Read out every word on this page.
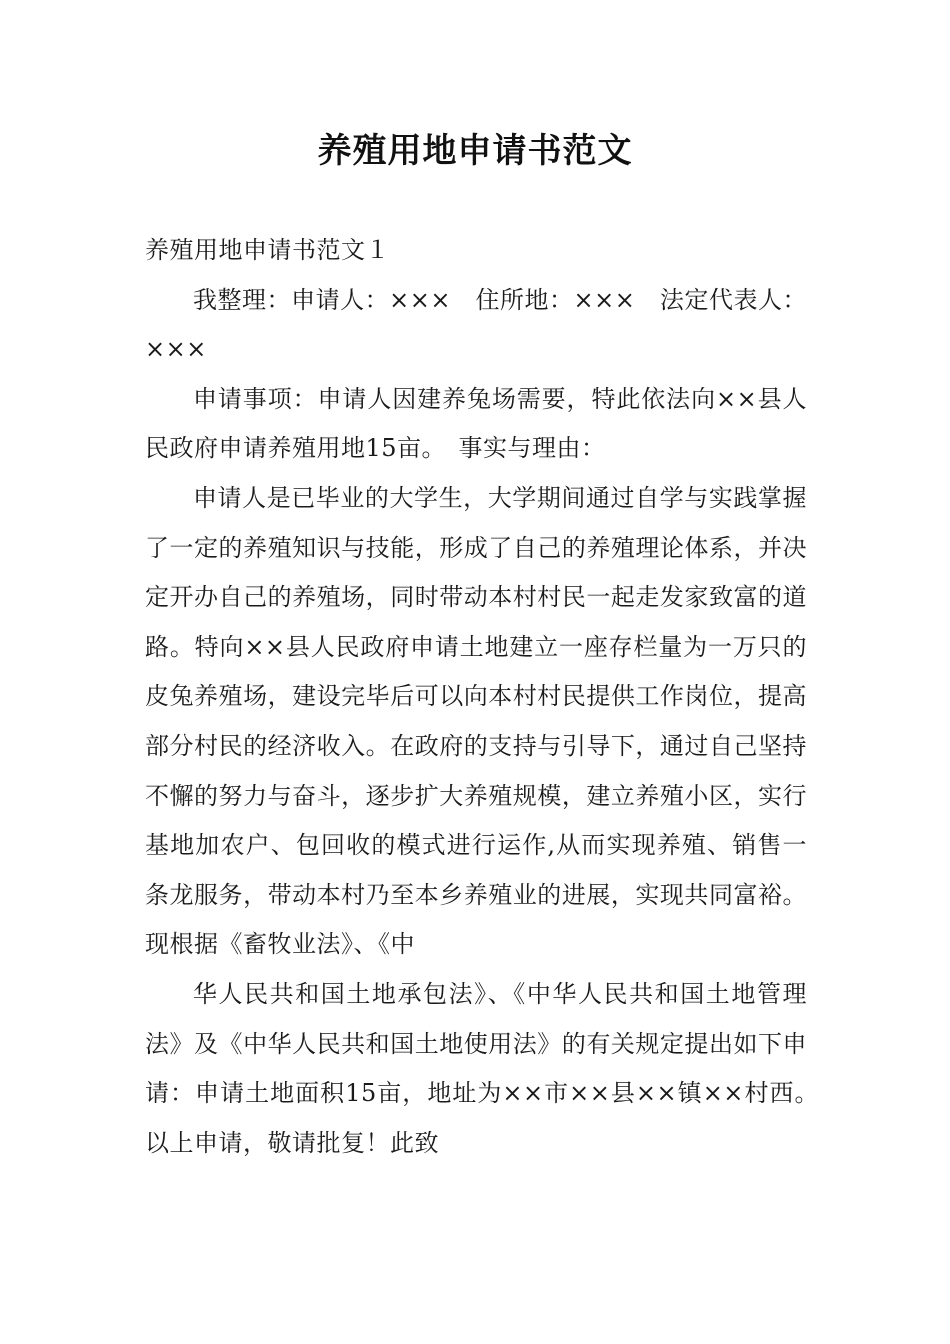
养殖用地申请书范文

养殖用地申请书范文１

我整理：申请人：×××　住所地：×××　法定代表人：×××

申请事项：申请人因建养兔场需要，特此依法向××县人民政府申请养殖用地15亩。　事实与理由：

申请人是已毕业的大学生，大学期间通过自学与实践掌握了一定的养殖知识与技能，形成了自己的养殖理论体系，并决定开办自己的养殖场，同时带动本村村民一起走发家致富的道路。特向××县人民政府申请土地建立一座存栏量为一万只的皮兔养殖场，建设完毕后可以向本村村民提供工作岗位，提高部分村民的经济收入。在政府的支持与引导下，通过自己坚持不懈的努力与奋斗，逐步扩大养殖规模，建立养殖小区，实行基地加农户、包回收的模式进行运作,从而实现养殖、销售一条龙服务，带动本村乃至本乡养殖业的进展，实现共同富裕。现根据《畜牧业法》、《中

华人民共和国土地承包法》、《中华人民共和国土地管理法》及《中华人民共和国土地使用法》的有关规定提出如下申请：申请土地面积15亩，地址为××市××县××镇××村西。　以上申请，敬请批复！此致
